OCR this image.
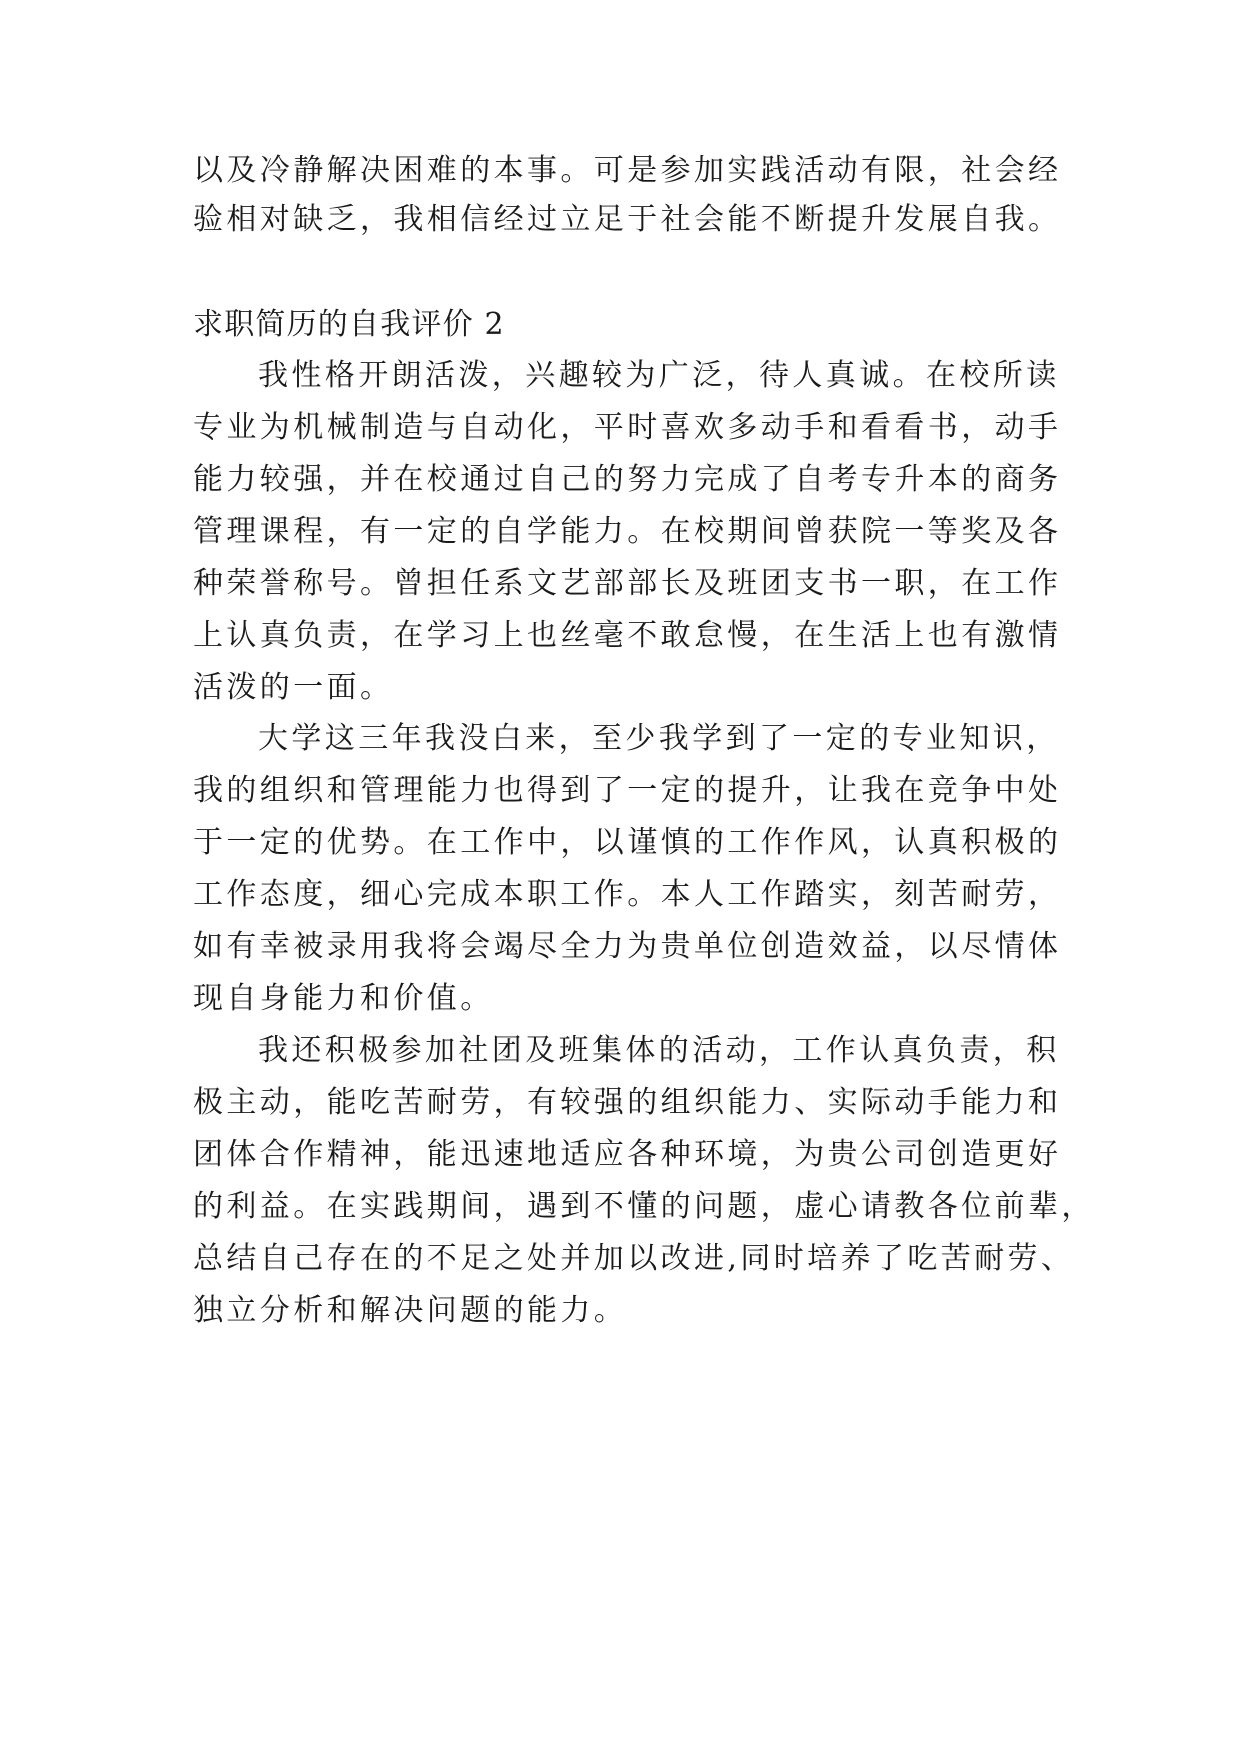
以及冷静解决困难的本事。可是参加实践活动有限，社会经
验相对缺乏，我相信经过立足于社会能不断提升发展自我。
求职简历的自我评价 2
我性格开朗活泼，兴趣较为广泛，待人真诚。在校所读
专业为机械制造与自动化，平时喜欢多动手和看看书，动手
能力较强，并在校通过自己的努力完成了自考专升本的商务
管理课程，有一定的自学能力。在校期间曾获院一等奖及各
种荣誉称号。曾担任系文艺部部长及班团支书一职，在工作
上认真负责，在学习上也丝毫不敢怠慢，在生活上也有激情
活泼的一面。
大学这三年我没白来，至少我学到了一定的专业知识，
我的组织和管理能力也得到了一定的提升，让我在竞争中处
于一定的优势。在工作中，以谨慎的工作作风，认真积极的
工作态度，细心完成本职工作。本人工作踏实，刻苦耐劳，
如有幸被录用我将会竭尽全力为贵单位创造效益，以尽情体
现自身能力和价值。
我还积极参加社团及班集体的活动，工作认真负责，积
极主动，能吃苦耐劳，有较强的组织能力、实际动手能力和
团体合作精神，能迅速地适应各种环境，为贵公司创造更好
的利益。在实践期间，遇到不懂的问题，虚心请教各位前辈，
总结自己存在的不足之处并加以改进,同时培养了吃苦耐劳、
独立分析和解决问题的能力。
